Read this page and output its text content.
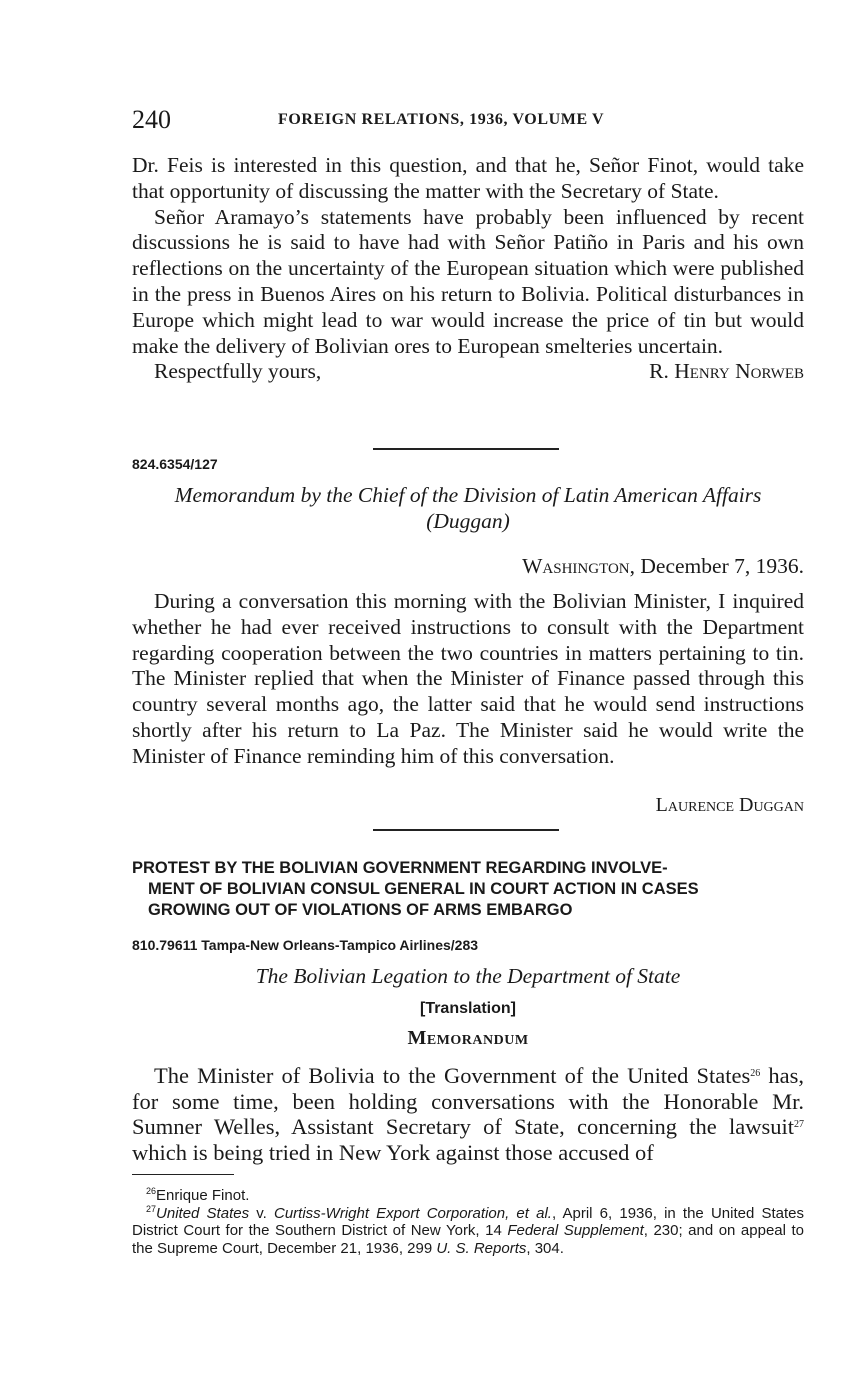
240	FOREIGN RELATIONS, 1936, VOLUME V

Dr. Feis is interested in this question, and that he, Señor Finot, would take that opportunity of discussing the matter with the Secretary of State.

Señor Aramayo’s statements have probably been influenced by recent discussions he is said to have had with Señor Patiño in Paris and his own reflections on the uncertainty of the European situation which were published in the press in Buenos Aires on his return to Bolivia. Political disturbances in Europe which might lead to war would increase the price of tin but would make the delivery of Bolivian ores to European smelteries uncertain.

Respectfully yours,	R. Henry Norweb
824.6354/127
Memorandum by the Chief of the Division of Latin American Affairs
(Duggan)
Washington, December 7, 1936.

During a conversation this morning with the Bolivian Minister, I inquired whether he had ever received instructions to consult with the Department regarding cooperation between the two countries in matters pertaining to tin. The Minister replied that when the Minister of Finance passed through this country several months ago, the latter said that he would send instructions shortly after his return to La Paz. The Minister said he would write the Minister of Finance reminding him of this conversation.

Laurence Duggan
PROTEST BY THE BOLIVIAN GOVERNMENT REGARDING INVOLVE-
MENT OF BOLIVIAN CONSUL GENERAL IN COURT ACTION IN CASES
GROWING OUT OF VIOLATIONS OF ARMS EMBARGO
810.79611 Tampa-New Orleans-Tampico Airlines/283
The Bolivian Legation to the Department of State
[Translation]
Memorandum

The Minister of Bolivia to the Government of the United States$^{26}$ has, for some time, been holding conversations with the Honorable Mr. Sumner Welles, Assistant Secretary of State, concerning the lawsuit$^{27}$ which is being tried in New York against those accused of

$^{26}$Enrique Finot.

$^{27}$United States v. Curtiss-Wright Export Corporation, et al., April 6, 1936, in the United States District Court for the Southern District of New York, 14 Federal Supplement, 230; and on appeal to the Supreme Court, December 21, 1936, 299 U. S. Reports, 304.
